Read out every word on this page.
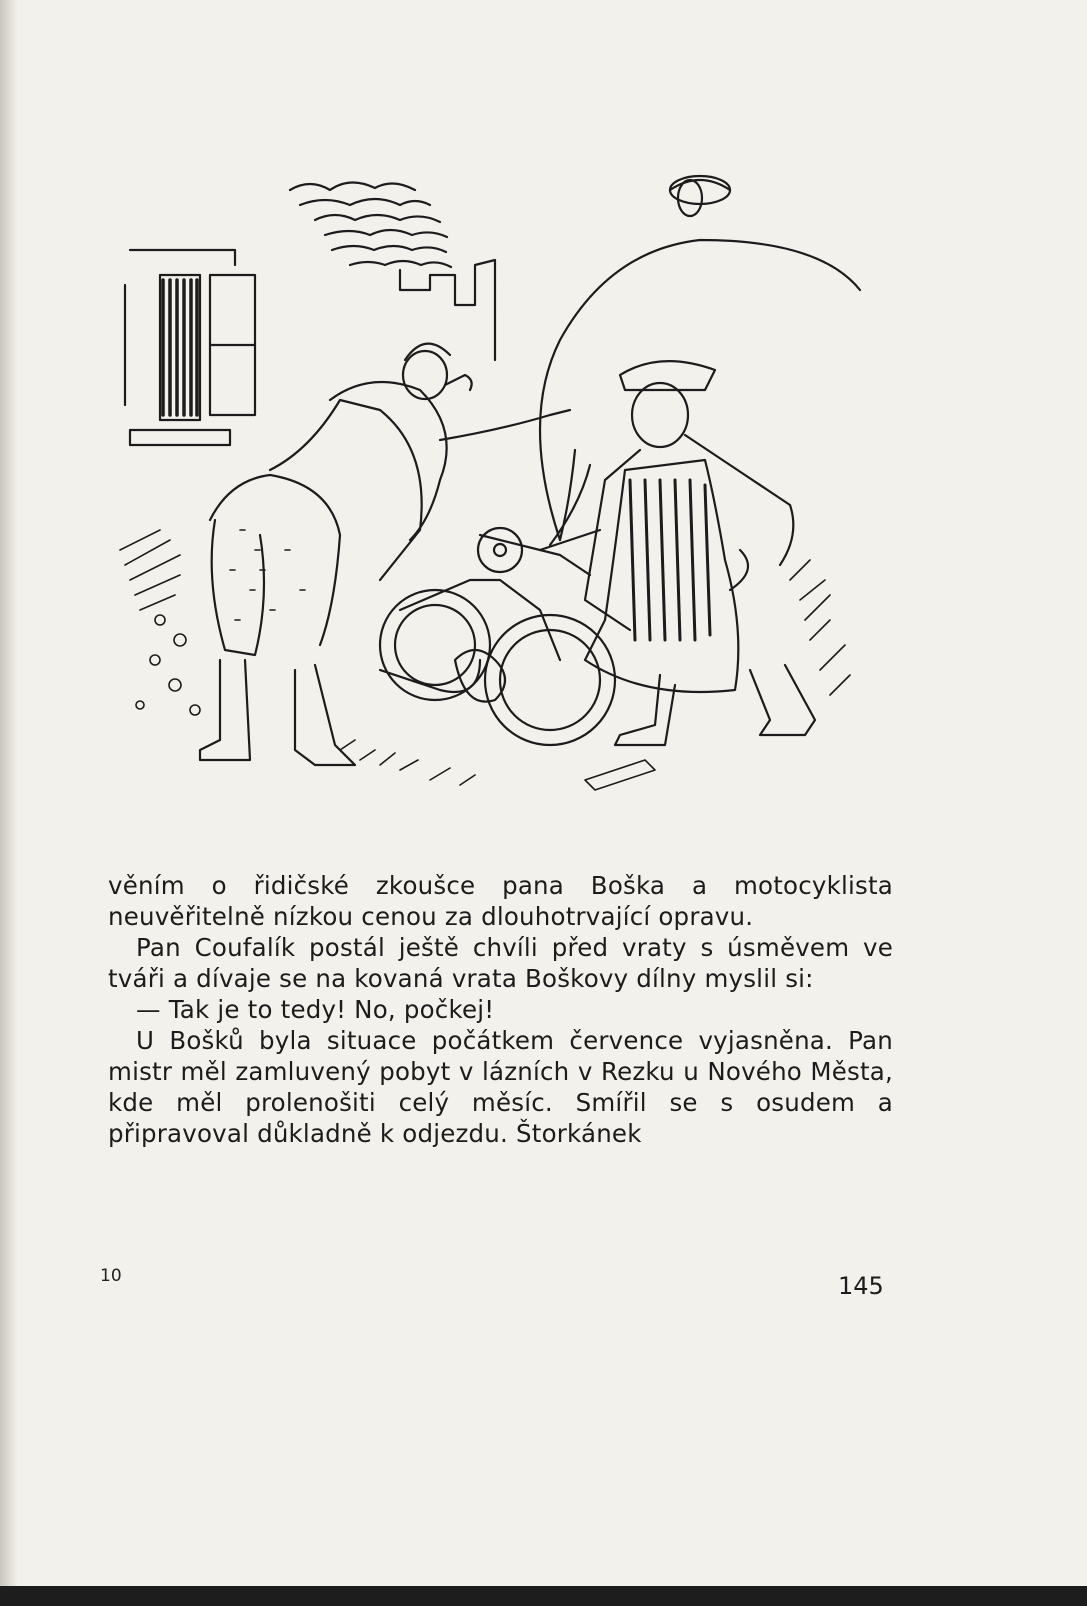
věním o řidičské zkoušce pana Boška a motocyklista neuvěřitelně nízkou cenou za dlouhotrvající opravu.

Pan Coufalík postál ještě chvíli před vraty s úsměvem ve tváři a dívaje se na kovaná vrata Boškovy dílny myslil si:

— Tak je to tedy! No, počkej!

U Bošků byla situace počátkem července vyjasněna. Pan mistr měl zamluvený pobyt v lázních v Rezku u Nového Města, kde měl prolenošiti celý měsíc. Smířil se s osudem a připravoval důkladně k odjezdu. Štorkánek

10	145
